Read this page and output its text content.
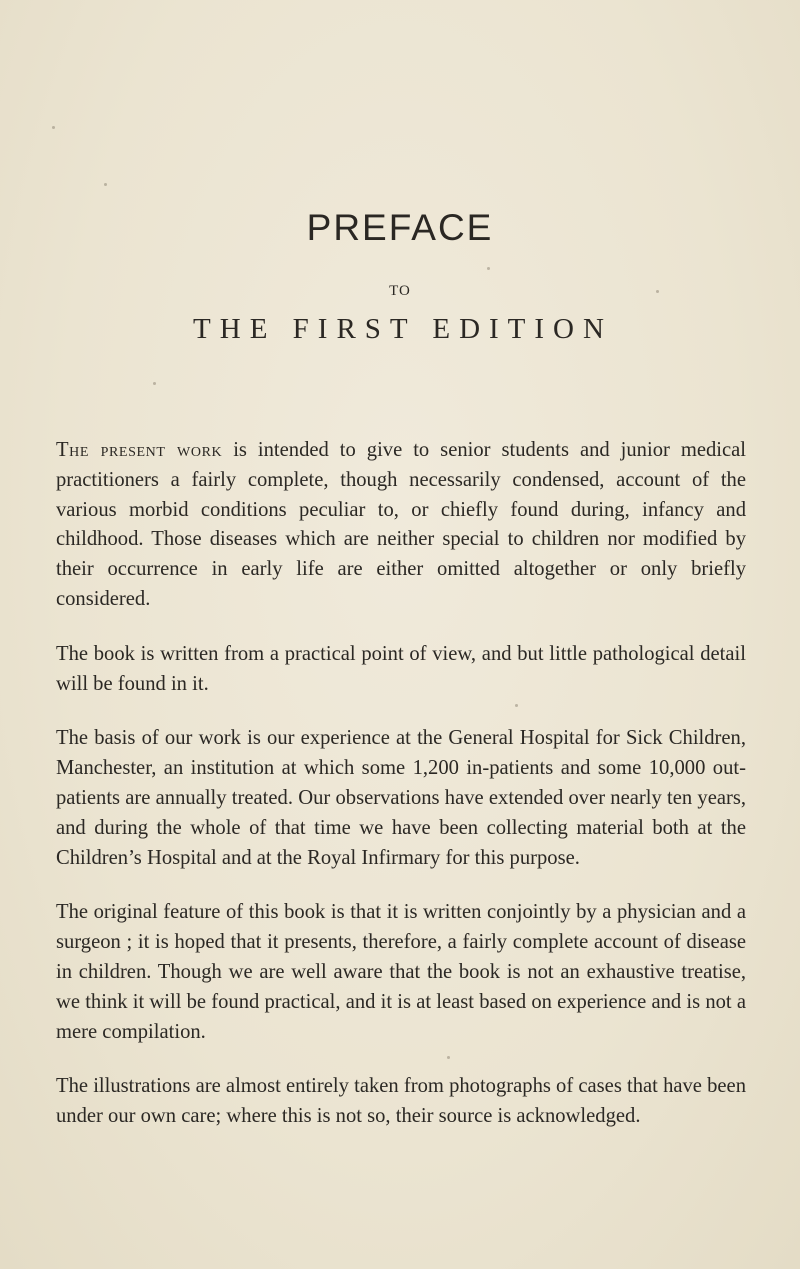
PREFACE
TO
THE FIRST EDITION

The present work is intended to give to senior students and junior medical practitioners a fairly complete, though necessarily condensed, account of the various morbid conditions peculiar to, or chiefly found during, infancy and childhood. Those diseases which are neither special to children nor modified by their occurrence in early life are either omitted altogether or only briefly considered.

The book is written from a practical point of view, and but little pathological detail will be found in it.

The basis of our work is our experience at the General Hospital for Sick Children, Manchester, an institution at which some 1,200 in-patients and some 10,000 out-patients are annually treated. Our observations have extended over nearly ten years, and during the whole of that time we have been collecting material both at the Children’s Hospital and at the Royal Infirmary for this purpose.

The original feature of this book is that it is written conjointly by a physician and a surgeon ; it is hoped that it presents, therefore, a fairly complete account of disease in children. Though we are well aware that the book is not an exhaustive treatise, we think it will be found practical, and it is at least based on experience and is not a mere compilation.

The illustrations are almost entirely taken from photographs of cases that have been under our own care; where this is not so, their source is acknowledged.
